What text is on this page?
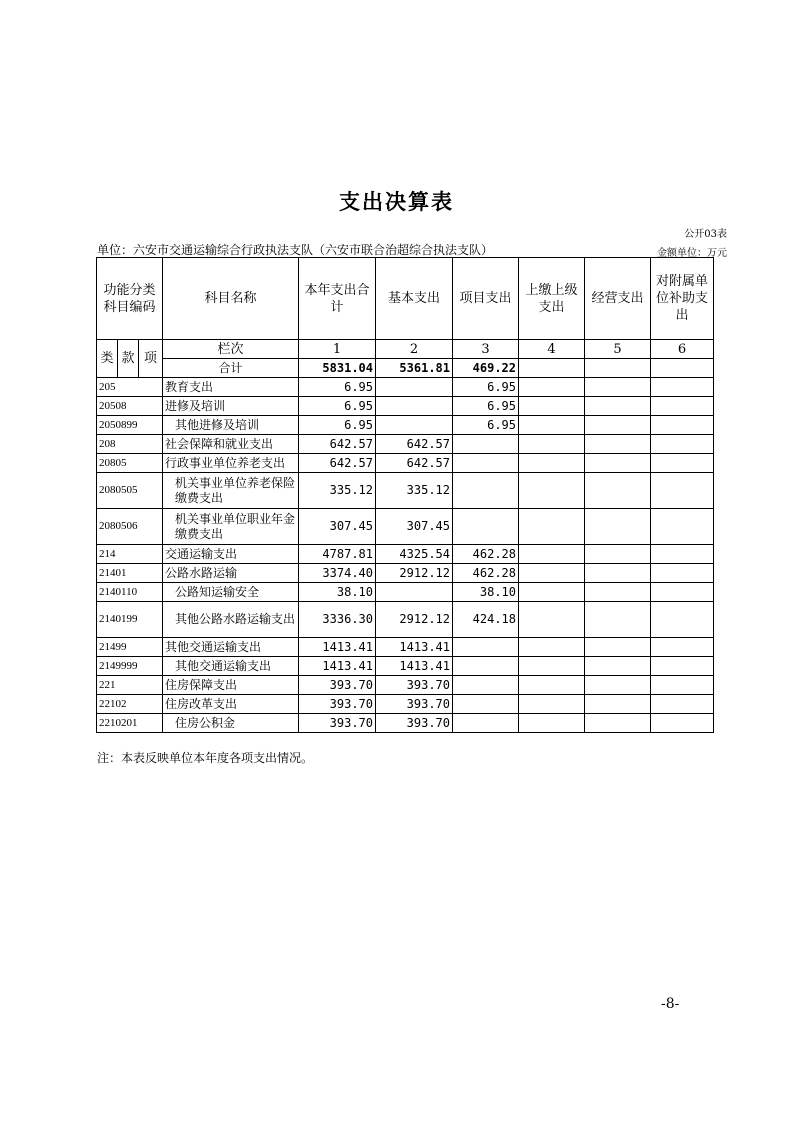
支出决算表
公开03表
单位：六安市交通运输综合行政执法支队（六安市联合治超综合执法支队）	金额单位：万元
功能分类科目编码			科目名称	本年支出合计	基本支出	项目支出	上缴上级支出	经营支出	对附属单位补助支出
类	款	项	栏次	1	2	3	4	5	6
			合计	5831.04	5361.81	469.22			
205			教育支出	6.95		6.95			
20508			进修及培训	6.95		6.95			
2050899			其他进修及培训	6.95		6.95			
208			社会保障和就业支出	642.57	642.57				
20805			行政事业单位养老支出	642.57	642.57				
2080505			机关事业单位养老保险缴费支出	335.12	335.12				
2080506			机关事业单位职业年金缴费支出	307.45	307.45				
214			交通运输支出	4787.81	4325.54	462.28			
21401			公路水路运输	3374.40	2912.12	462.28			
2140110			公路知运输安全	38.10		38.10			
2140199			其他公路水路运输支出	3336.30	2912.12	424.18			
21499			其他交通运输支出	1413.41	1413.41				
2149999			其他交通运输支出	1413.41	1413.41				
221			住房保障支出	393.70	393.70				
22102			住房改革支出	393.70	393.70				
2210201			住房公积金	393.70	393.70				
注：本表反映单位本年度各项支出情况。
-8-
